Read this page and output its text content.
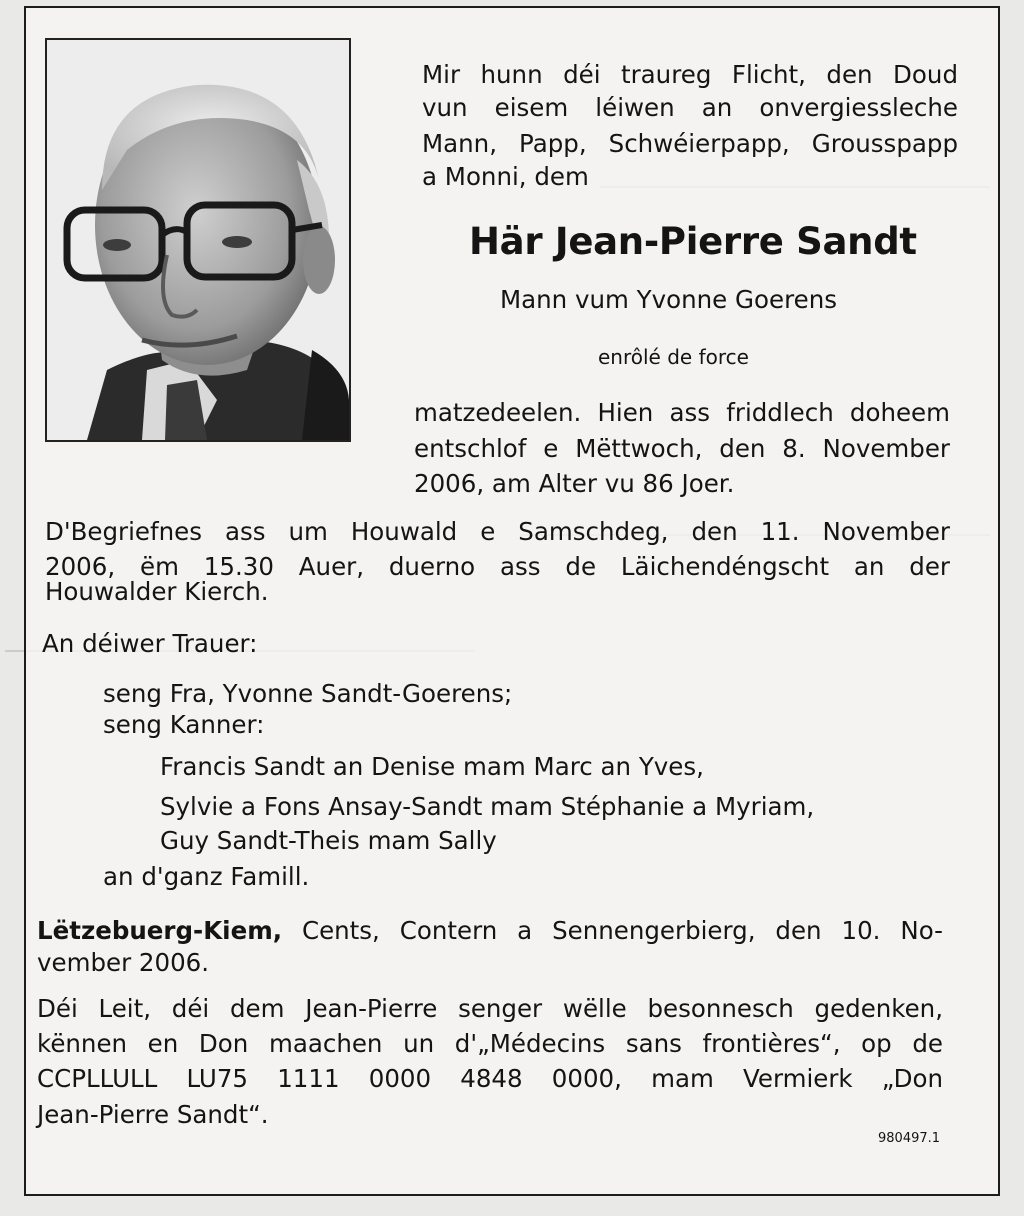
Mir hunn déi traureg Flicht, den Doud
vun eisem léiwen an onvergiessleche
Mann, Papp, Schwéierpapp, Grousspapp
a Monni, dem
Här Jean-Pierre Sandt
Mann vum Yvonne Goerens
enrôlé de force
matzedeelen. Hien ass friddlech doheem
entschlof e Mëttwoch, den 8. November
2006, am Alter vu 86 Joer.
D'Begriefnes ass um Houwald e Samschdeg, den 11. November
2006, ëm 15.30 Auer, duerno ass de Läichendéngscht an der
Houwalder Kierch.
An déiwer Trauer:
seng Fra, Yvonne Sandt-Goerens;
seng Kanner:
Francis Sandt an Denise mam Marc an Yves,
Sylvie a Fons Ansay-Sandt mam Stéphanie a Myriam,
Guy Sandt-Theis mam Sally
an d'ganz Famill.
Lëtzebuerg-Kiem, Cents, Contern a Sennengerbierg, den 10. No-
vember 2006.
Déi Leit, déi dem Jean-Pierre senger wëlle besonnesch gedenken,
kënnen en Don maachen un d'„Médecins sans frontières“, op de
CCPLLULL LU75 1111 0000 4848 0000, mam Vermierk „Don
Jean-Pierre Sandt“.
980497.1
